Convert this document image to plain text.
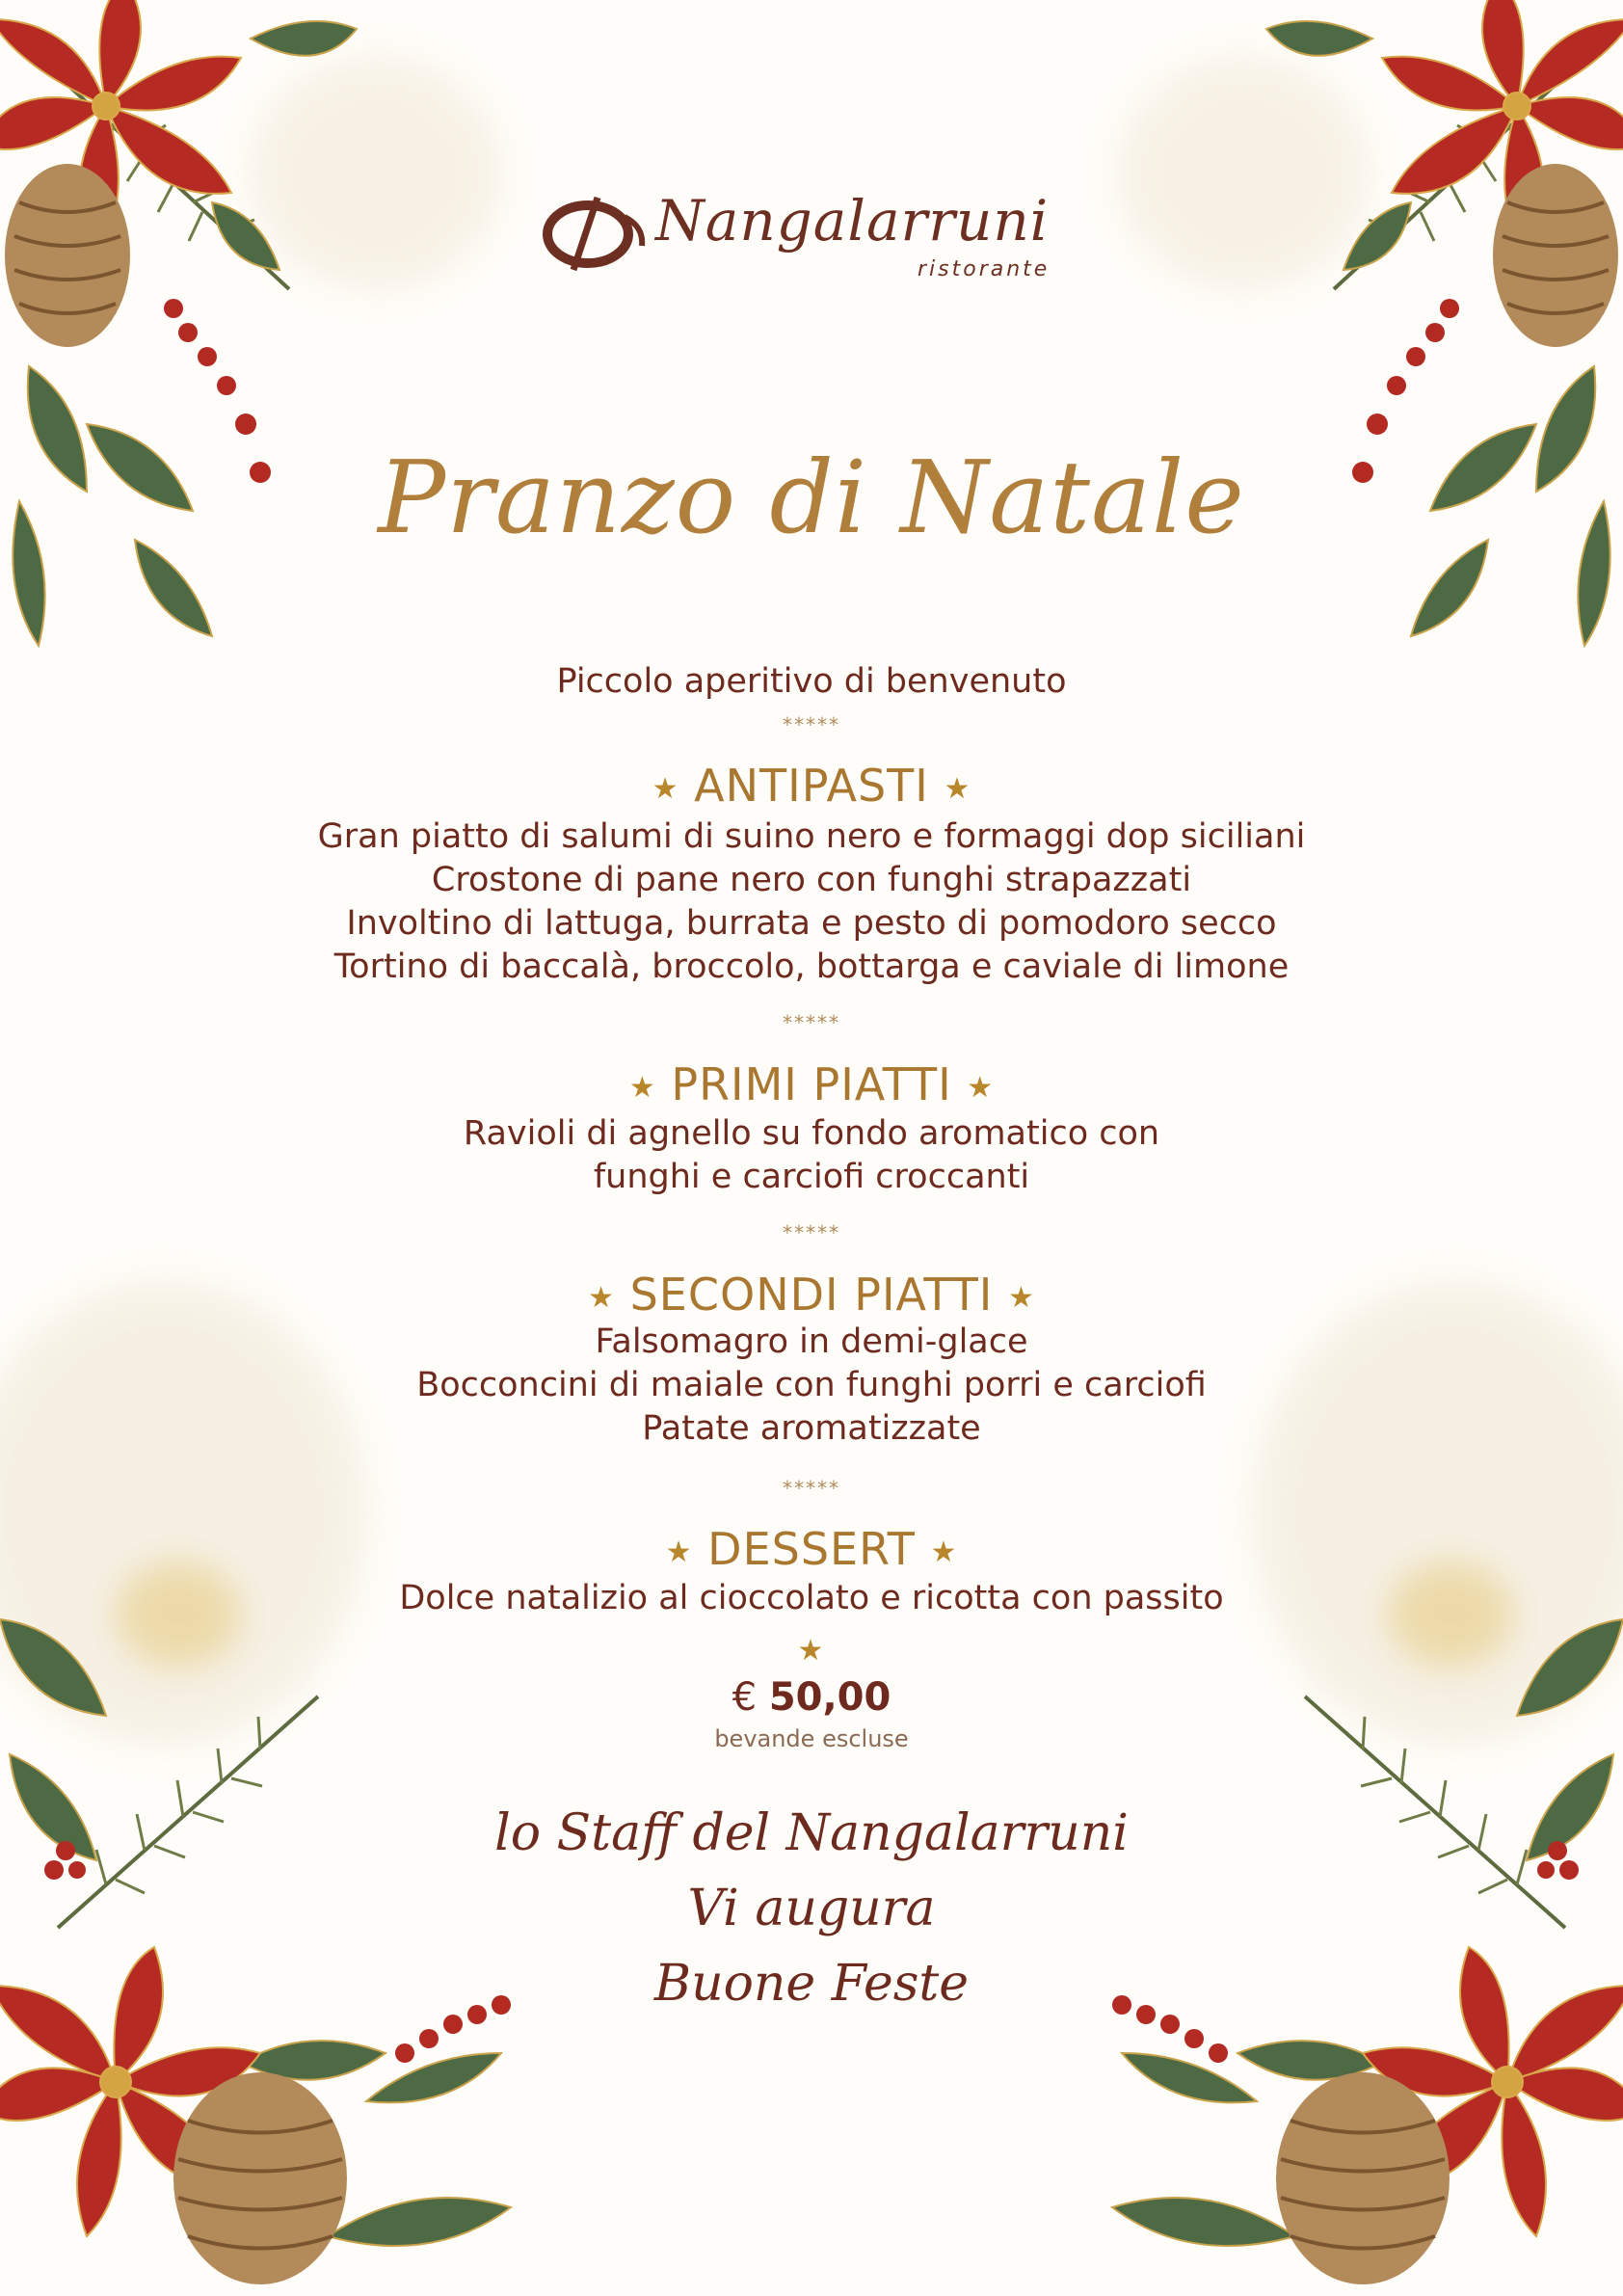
Nangalarruni
ristorante
Pranzo di Natale
Piccolo aperitivo di benvenuto
*****
★ ANTIPASTI ★
Gran piatto di salumi di suino nero e formaggi dop siciliani
Crostone di pane nero con funghi strapazzati
Involtino di lattuga, burrata e pesto di pomodoro secco
Tortino di baccalà, broccolo, bottarga e caviale di limone
*****
★ PRIMI PIATTI ★
Ravioli di agnello su fondo aromatico con
funghi e carciofi croccanti
*****
★ SECONDI PIATTI ★
Falsomagro in demi-glace
Bocconcini di maiale con funghi porri e carciofi
Patate aromatizzate
*****
★ DESSERT ★
Dolce natalizio al cioccolato e ricotta con passito
★
€ 50,00
bevande escluse
lo Staff del Nangalarruni
Vi augura
Buone Feste
